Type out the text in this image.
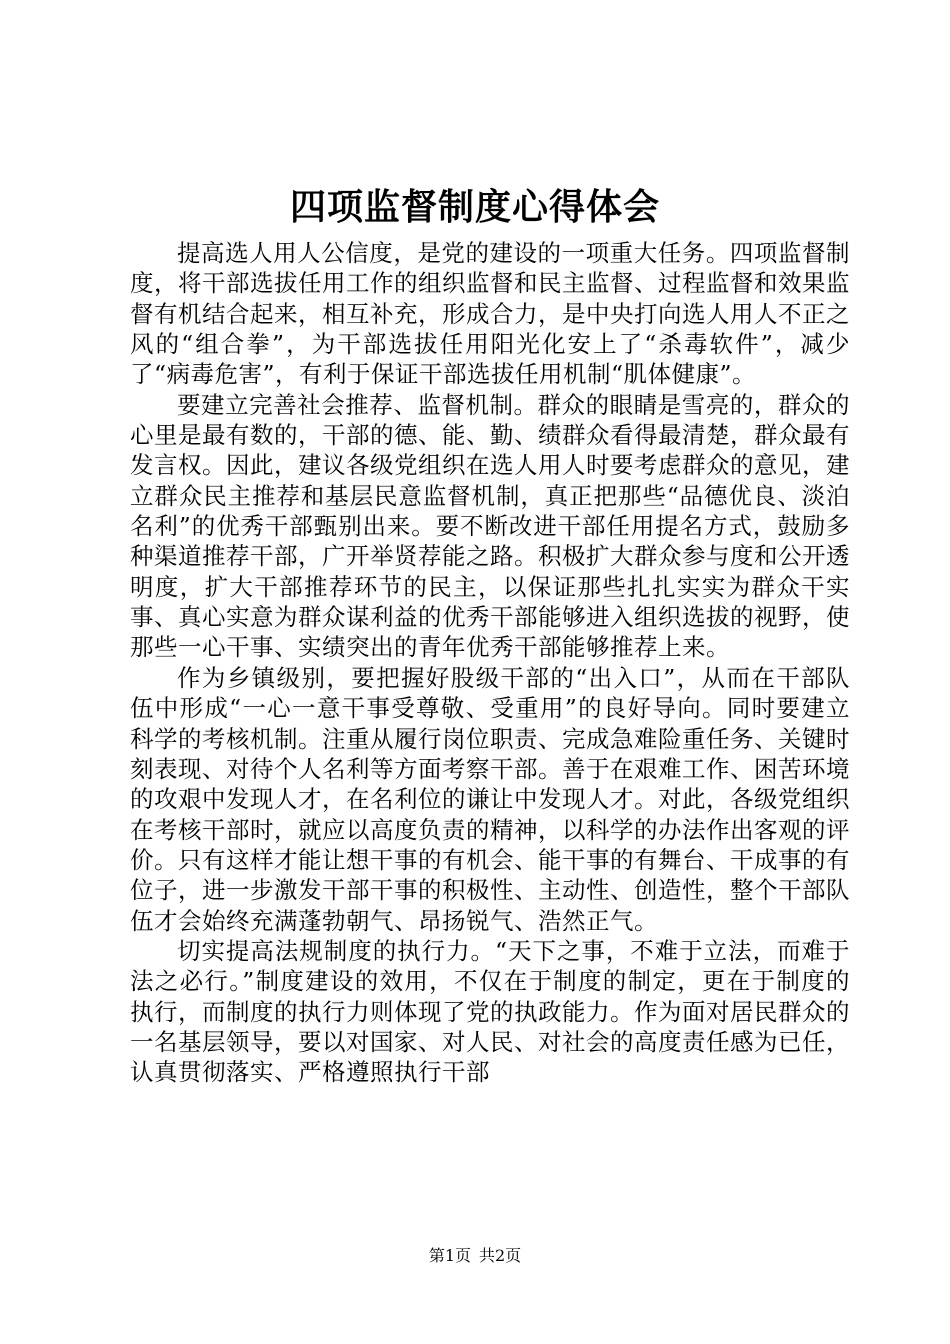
四项监督制度心得体会

提高选人用人公信度，是党的建设的一项重大任务。四项监督制度，将干部选拔任用工作的组织监督和民主监督、过程监督和效果监督有机结合起来，相互补充，形成合力，是中央打向选人用人不正之风的“组合拳”，为干部选拔任用阳光化安上了“杀毒软件”，减少了“病毒危害”，有利于保证干部选拔任用机制“肌体健康”。

要建立完善社会推荐、监督机制。群众的眼睛是雪亮的，群众的心里是最有数的，干部的德、能、勤、绩群众看得最清楚，群众最有发言权。因此，建议各级党组织在选人用人时要考虑群众的意见，建立群众民主推荐和基层民意监督机制，真正把那些“品德优良、淡泊名利”的优秀干部甄别出来。要不断改进干部任用提名方式，鼓励多种渠道推荐干部，广开举贤荐能之路。积极扩大群众参与度和公开透明度，扩大干部推荐环节的民主，以保证那些扎扎实实为群众干实事、真心实意为群众谋利益的优秀干部能够进入组织选拔的视野，使那些一心干事、实绩突出的青年优秀干部能够推荐上来。

作为乡镇级别，要把握好股级干部的“出入口”，从而在干部队伍中形成“一心一意干事受尊敬、受重用”的良好导向。同时要建立科学的考核机制。注重从履行岗位职责、完成急难险重任务、关键时刻表现、对待个人名利等方面考察干部。善于在艰难工作、困苦环境的攻艰中发现人才，在名利位的谦让中发现人才。对此，各级党组织在考核干部时，就应以高度负责的精神，以科学的办法作出客观的评价。只有这样才能让想干事的有机会、能干事的有舞台、干成事的有位子，进一步激发干部干事的积极性、主动性、创造性，整个干部队伍才会始终充满蓬勃朝气、昂扬锐气、浩然正气。

切实提高法规制度的执行力。“天下之事，不难于立法，而难于法之必行。”制度建设的效用，不仅在于制度的制定，更在于制度的执行，而制度的执行力则体现了党的执政能力。作为面对居民群众的一名基层领导，要以对国家、对人民、对社会的高度责任感为已任，认真贯彻落实、严格遵照执行干部

第1页 共2页
